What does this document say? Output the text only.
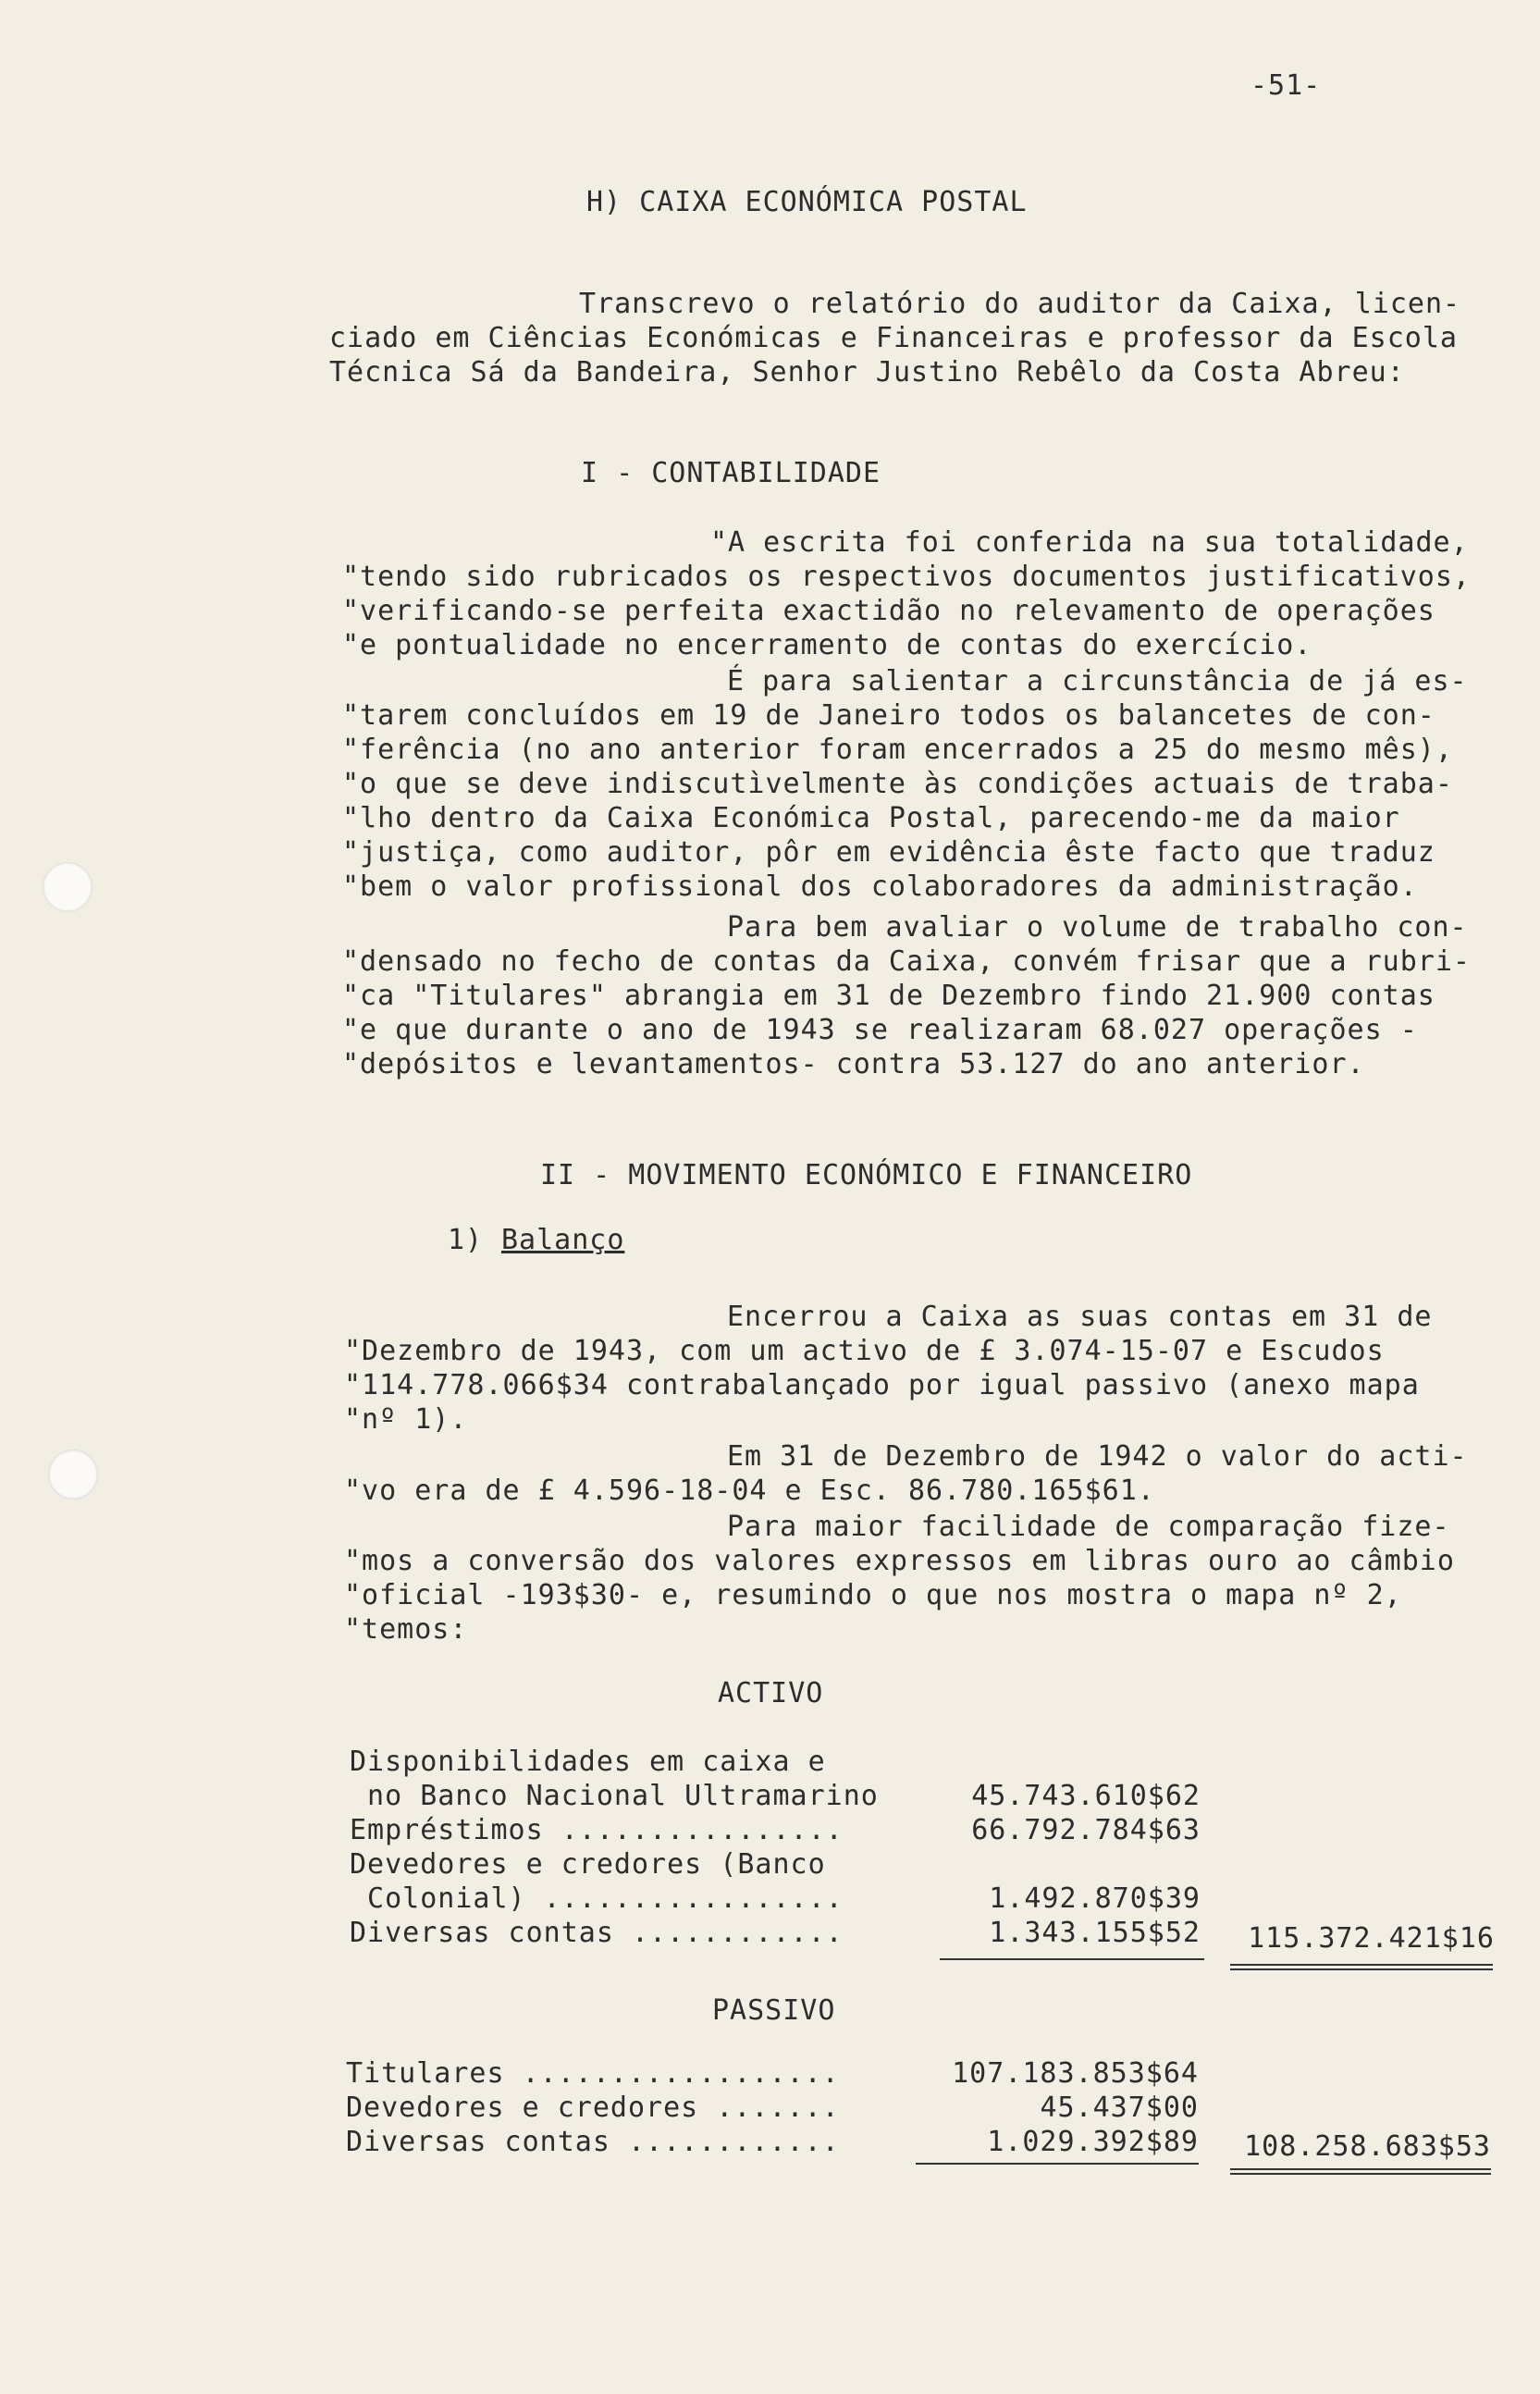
-51-
H) CAIXA ECONÓMICA POSTAL
Transcrevo o relatório do auditor da Caixa, licen-
ciado em Ciências Económicas e Financeiras e professor da Escola
Técnica Sá da Bandeira, Senhor Justino Rebêlo da Costa Abreu:
I - CONTABILIDADE
"A escrita foi conferida na sua totalidade,
"tendo sido rubricados os respectivos documentos justificativos,
"verificando-se perfeita exactidão no relevamento de operações
"e pontualidade no encerramento de contas do exercício.
É para salientar a circunstância de já es-
"tarem concluídos em 19 de Janeiro todos os balancetes de con-
"ferência (no ano anterior foram encerrados a 25 do mesmo mês),
"o que se deve indiscutìvelmente às condições actuais de traba-
"lho dentro da Caixa Económica Postal, parecendo-me da maior
"justiça, como auditor, pôr em evidência êste facto que traduz
"bem o valor profissional dos colaboradores da administração.
Para bem avaliar o volume de trabalho con-
"densado no fecho de contas da Caixa, convém frisar que a rubri-
"ca "Titulares" abrangia em 31 de Dezembro findo 21.900 contas
"e que durante o ano de 1943 se realizaram 68.027 operações -
"depósitos e levantamentos- contra 53.127 do ano anterior.
II - MOVIMENTO ECONÓMICO E FINANCEIRO
1) Balanço
Encerrou a Caixa as suas contas em 31 de
"Dezembro de 1943, com um activo de £ 3.074-15-07 e Escudos
"114.778.066$34 contrabalançado por igual passivo (anexo mapa
"nº 1).
Em 31 de Dezembro de 1942 o valor do acti-
"vo era de £ 4.596-18-04 e Esc. 86.780.165$61.
Para maior facilidade de comparação fize-
"mos a conversão dos valores expressos em libras ouro ao câmbio
"oficial -193$30- e, resumindo o que nos mostra o mapa nº 2,
"temos:
ACTIVO
Disponibilidades em caixa e
no Banco Nacional Ultramarino	45.743.610$62
Empréstimos ................	66.792.784$63
Devedores e credores (Banco
Colonial) .................	1.492.870$39
Diversas contas ............	1.343.155$52	115.372.421$16
PASSIVO
Titulares ..................	107.183.853$64
Devedores e credores .......	45.437$00
Diversas contas ............	1.029.392$89	108.258.683$53
